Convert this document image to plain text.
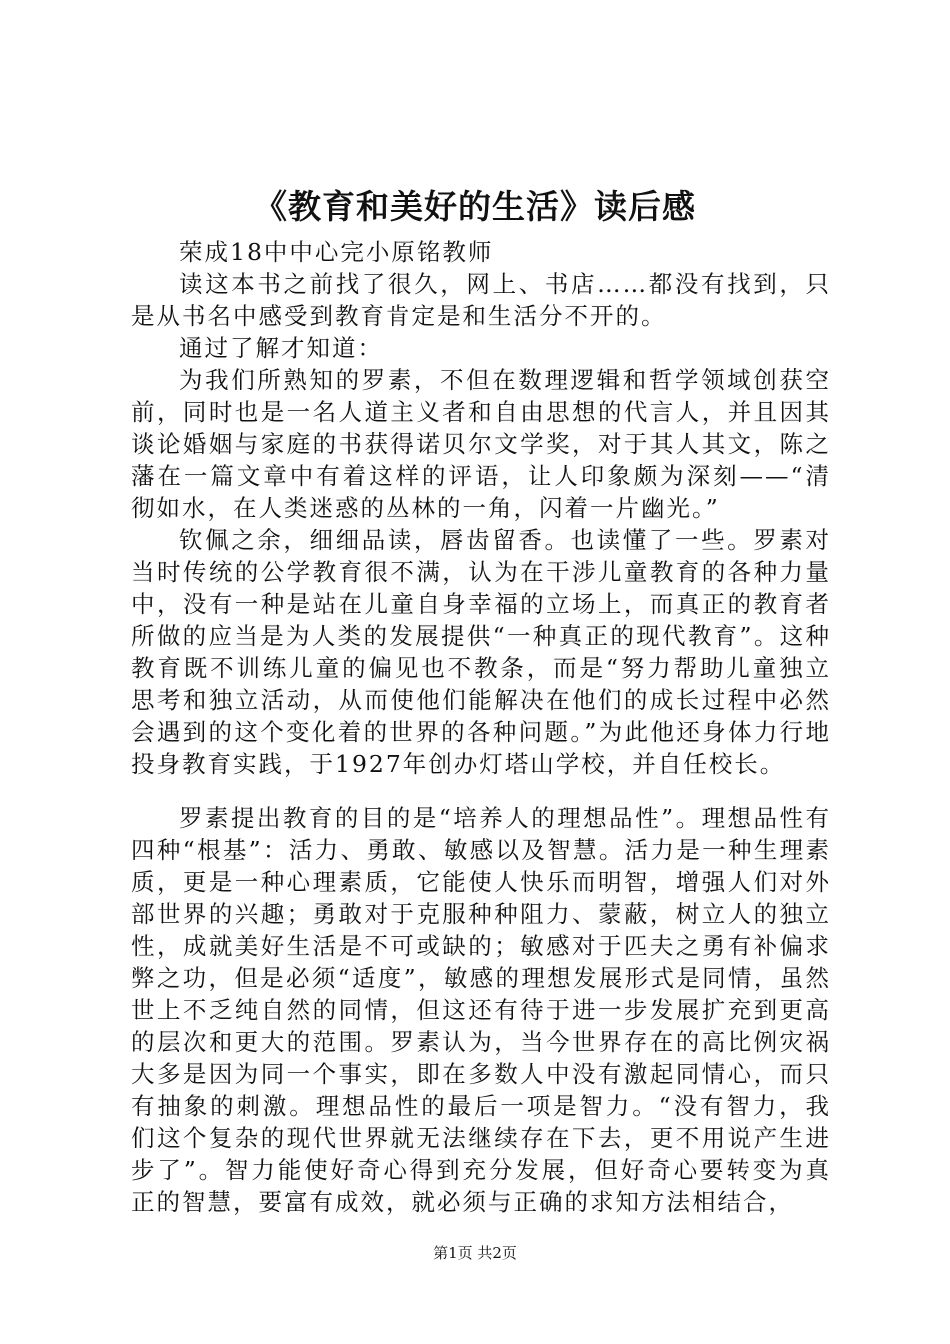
《教育和美好的生活》读后感

荣成18中中心完小原铭教师

读这本书之前找了很久，网上、书店……都没有找到，只是从书名中感受到教育肯定是和生活分不开的。

通过了解才知道：

为我们所熟知的罗素，不但在数理逻辑和哲学领域创获空前，同时也是一名人道主义者和自由思想的代言人，并且因其谈论婚姻与家庭的书获得诺贝尔文学奖，对于其人其文，陈之藩在一篇文章中有着这样的评语，让人印象颇为深刻——“清彻如水，在人类迷惑的丛林的一角，闪着一片幽光。”

钦佩之余，细细品读，唇齿留香。也读懂了一些。罗素对当时传统的公学教育很不满，认为在干涉儿童教育的各种力量中，没有一种是站在儿童自身幸福的立场上，而真正的教育者所做的应当是为人类的发展提供“一种真正的现代教育”。这种教育既不训练儿童的偏见也不教条，而是“努力帮助儿童独立思考和独立活动，从而使他们能解决在他们的成长过程中必然会遇到的这个变化着的世界的各种问题。”为此他还身体力行地投身教育实践，于1927年创办灯塔山学校，并自任校长。

罗素提出教育的目的是“培养人的理想品性”。理想品性有四种“根基”：活力、勇敢、敏感以及智慧。活力是一种生理素质，更是一种心理素质，它能使人快乐而明智，增强人们对外部世界的兴趣；勇敢对于克服种种阻力、蒙蔽，树立人的独立性，成就美好生活是不可或缺的；敏感对于匹夫之勇有补偏求弊之功，但是必须“适度”，敏感的理想发展形式是同情，虽然世上不乏纯自然的同情，但这还有待于进一步发展扩充到更高的层次和更大的范围。罗素认为，当今世界存在的高比例灾祸大多是因为同一个事实，即在多数人中没有激起同情心，而只有抽象的刺激。理想品性的最后一项是智力。“没有智力，我们这个复杂的现代世界就无法继续存在下去，更不用说产生进步了”。智力能使好奇心得到充分发展，但好奇心要转变为真正的智慧，要富有成效，就必须与正确的求知方法相结合，

第1页 共2页
